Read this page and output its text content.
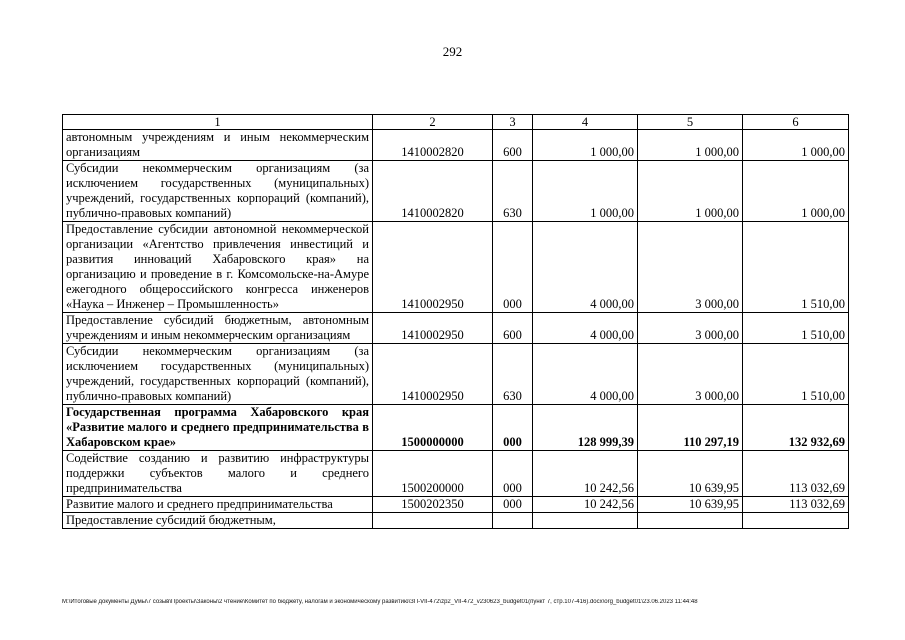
292
1	2	3	4	5	6
автономным учреждениям и иным некоммерческим организациям	1410002820	600	1 000,00	1 000,00	1 000,00
Субсидии некоммерческим организациям (за исключением государственных (муниципальных) учреждений, государственных корпораций (компаний), публично-правовых компаний)	1410002820	630	1 000,00	1 000,00	1 000,00
Предоставление субсидии автономной некоммерческой организации «Агентство привлечения инвестиций и развития инноваций Хабаровского края» на организацию и проведение в г. Комсомольске-на-Амуре ежегодного общероссийского конгресса инженеров «Наука – Инженер – Промышленность»	1410002950	000	4 000,00	3 000,00	1 510,00
Предоставление субсидий бюджетным, автономным учреждениям и иным некоммерческим организациям	1410002950	600	4 000,00	3 000,00	1 510,00
Субсидии некоммерческим организациям (за исключением государственных (муниципальных) учреждений, государственных корпораций (компаний), публично-правовых компаний)	1410002950	630	4 000,00	3 000,00	1 510,00
Государственная программа Хабаровского края «Развитие малого и среднего предпринимательства в Хабаровском крае»	1500000000	000	128 999,39	110 297,19	132 932,69
Содействие созданию и развитию инфраструктуры поддержки субъектов малого и среднего предпринимательства	1500200000	000	10 242,56	10 639,95	113 032,69
Развитие малого и среднего предпринимательства	1500202350	000	10 242,56	10 639,95	113 032,69
Предоставление субсидий бюджетным,					
M:\Итоговые документы Думы\7 созыв\Проекты\Законы\2 чтение\Комитет по бюджету, налогам и экономическому развитию\ЗП-VII-472\zp2_VII-472_v230623_budget01(пункт 7, стр.107-416).docx\org_budget01\23.06.2023 11:44:48
